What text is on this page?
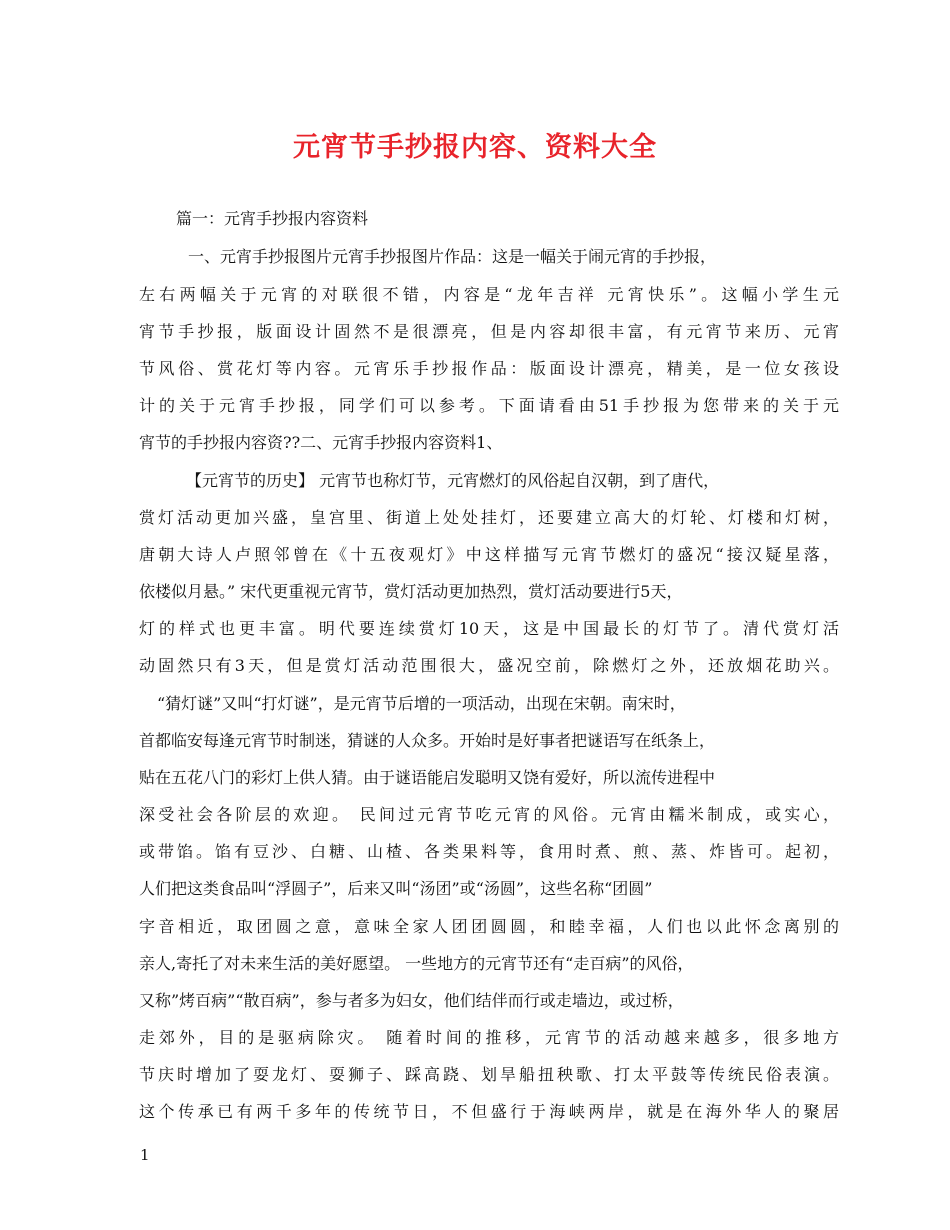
元宵节手抄报内容、资料大全
篇一：元宵手抄报内容资料
一、元宵手抄报图片元宵手抄报图片作品：这是一幅关于闹元宵的手抄报，
左右两幅关于元宵的对联很不错，内容是“龙年吉祥 元宵快乐”。这幅小学生元
宵节手抄报，版面设计固然不是很漂亮，但是内容却很丰富，有元宵节来历、元宵
节风俗、赏花灯等内容。元宵乐手抄报作品：版面设计漂亮，精美，是一位女孩设
计的关于元宵手抄报，同学们可以参考。下面请看由51手抄报为您带来的关于元
宵节的手抄报内容资??二、元宵手抄报内容资料1、
【元宵节的历史】 元宵节也称灯节，元宵燃灯的风俗起自汉朝，到了唐代，
赏灯活动更加兴盛，皇宫里、街道上处处挂灯，还要建立高大的灯轮、灯楼和灯树，
唐朝大诗人卢照邻曾在《十五夜观灯》中这样描写元宵节燃灯的盛况“接汉疑星落，
依楼似月悬。” 宋代更重视元宵节，赏灯活动更加热烈，赏灯活动要进行5天，
灯的样式也更丰富。明代要连续赏灯10天，这是中国最长的灯节了。清代赏灯活
动固然只有3天，但是赏灯活动范围很大，盛况空前，除燃灯之外，还放烟花助兴。
“猜灯谜”又叫“打灯谜”，是元宵节后增的一项活动，出现在宋朝。南宋时，
首都临安每逢元宵节时制迷，猜谜的人众多。开始时是好事者把谜语写在纸条上，
贴在五花八门的彩灯上供人猜。由于谜语能启发聪明又饶有爱好，所以流传进程中
深受社会各阶层的欢迎。 民间过元宵节吃元宵的风俗。元宵由糯米制成，或实心，
或带馅。馅有豆沙、白糖、山楂、各类果料等，食用时煮、煎、蒸、炸皆可。起初，
人们把这类食品叫“浮圆子”，后来又叫“汤团”或“汤圆”，这些名称“团圆”
字音相近，取团圆之意，意味全家人团团圆圆，和睦幸福，人们也以此怀念离别的
亲人,寄托了对未来生活的美好愿望。 一些地方的元宵节还有“走百病”的风俗，
又称”烤百病”“散百病”，参与者多为妇女，他们结伴而行或走墙边，或过桥，
走郊外，目的是驱病除灾。 随着时间的推移，元宵节的活动越来越多，很多地方
节庆时增加了耍龙灯、耍狮子、踩高跷、划旱船扭秧歌、打太平鼓等传统民俗表演。
这个传承已有两千多年的传统节日，不但盛行于海峡两岸，就是在海外华人的聚居
1
